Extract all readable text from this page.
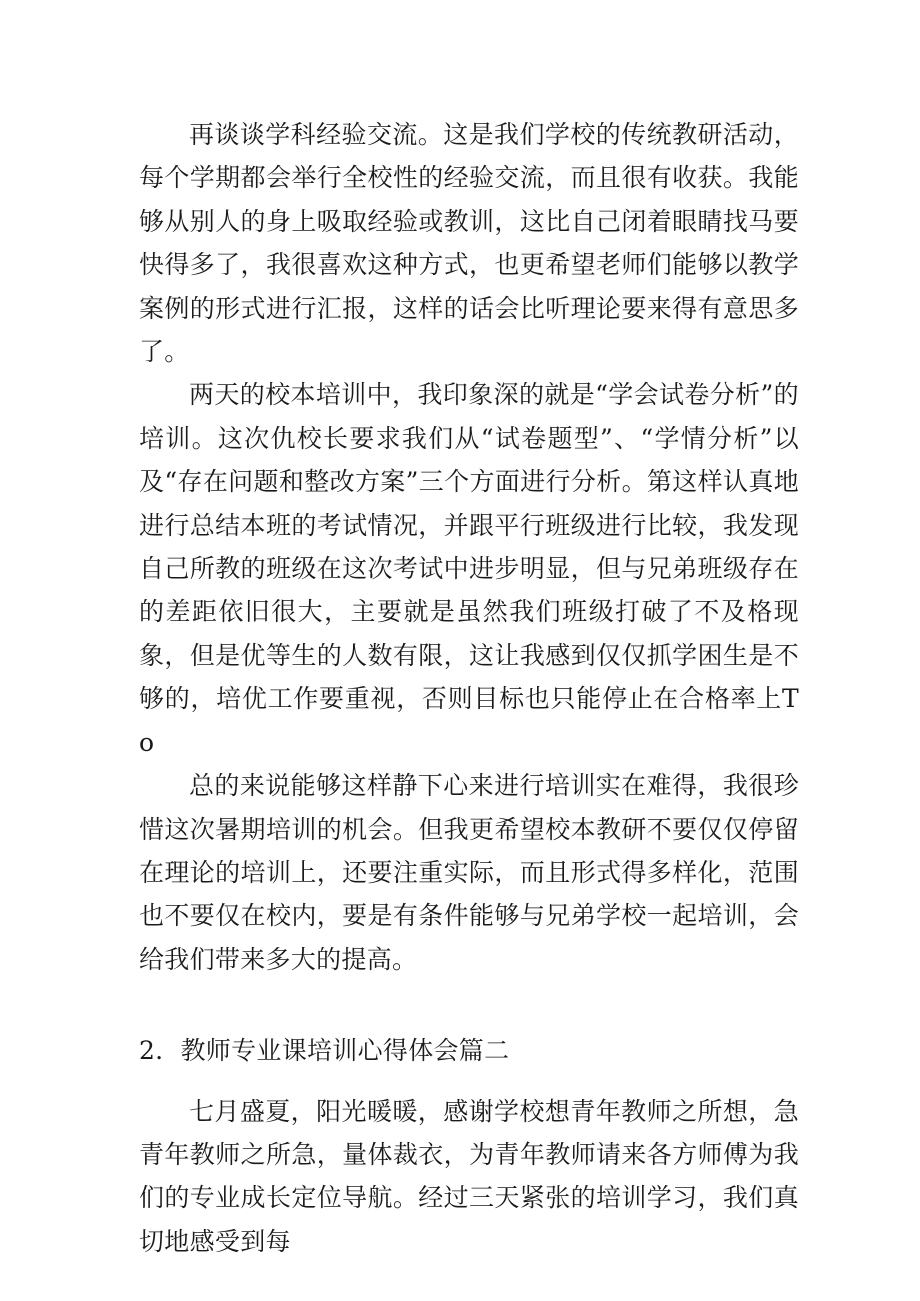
再谈谈学科经验交流。这是我们学校的传统教研活动，每个学期都会举行全校性的经验交流，而且很有收获。我能够从别人的身上吸取经验或教训，这比自己闭着眼睛找马要快得多了，我很喜欢这种方式，也更希望老师们能够以教学案例的形式进行汇报，这样的话会比听理论要来得有意思多了。

两天的校本培训中，我印象深的就是“学会试卷分析”的培训。这次仇校长要求我们从“试卷题型”、“学情分析”以及“存在问题和整改方案”三个方面进行分析。第这样认真地进行总结本班的考试情况，并跟平行班级进行比较，我发现自己所教的班级在这次考试中进步明显，但与兄弟班级存在的差距依旧很大，主要就是虽然我们班级打破了不及格现象，但是优等生的人数有限，这让我感到仅仅抓学困生是不够的，培优工作要重视，否则目标也只能停止在合格率上To

总的来说能够这样静下心来进行培训实在难得，我很珍惜这次暑期培训的机会。但我更希望校本教研不要仅仅停留在理论的培训上，还要注重实际，而且形式得多样化，范围也不要仅在校内，要是有条件能够与兄弟学校一起培训，会给我们带来多大的提高。

2．教师专业课培训心得体会篇二

七月盛夏，阳光暖暖，感谢学校想青年教师之所想，急青年教师之所急，量体裁衣，为青年教师请来各方师傅为我们的专业成长定位导航。经过三天紧张的培训学习，我们真切地感受到每
